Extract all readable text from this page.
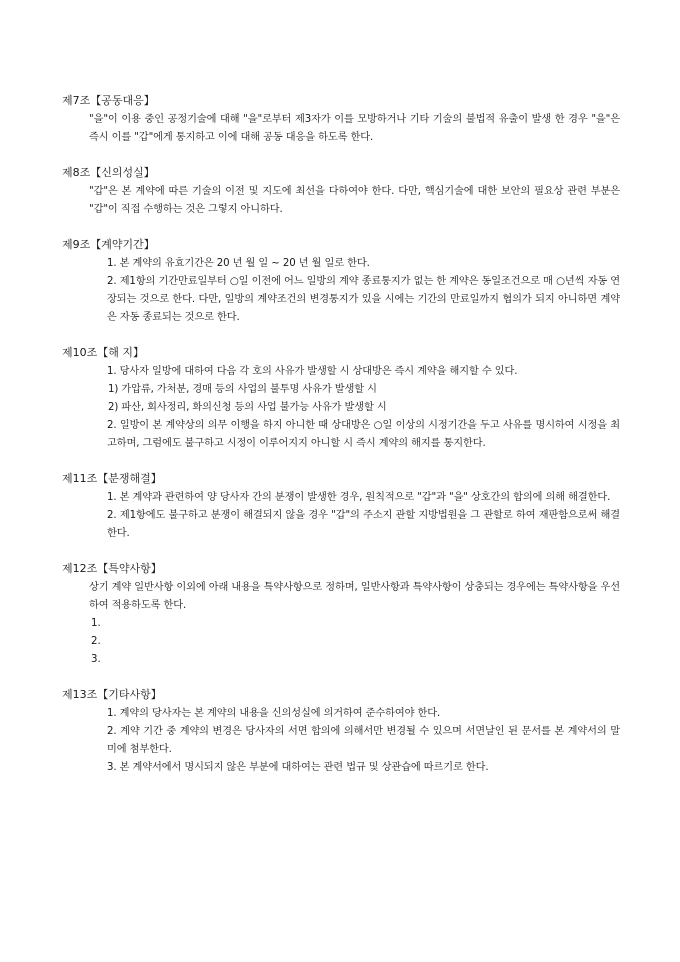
제7조【공동대응】
"을"이 이용 중인 공정기술에 대해 "을"로부터 제3자가 이를 모방하거나 기타 기술의 불법적 유출이 발생 한 경우 "을"은 즉시 이를 "갑"에게 통지하고 이에 대해 공동 대응을 하도록 한다.
제8조【신의성실】
"갑"은 본 계약에 따른 기술의 이전 및 지도에 최선을 다하여야 한다. 다만, 핵심기술에 대한 보안의 필요상 관련 부분은 "갑"이 직접 수행하는 것은 그렇지 아니하다.
제9조【계약기간】
1. 본 계약의 유효기간은 20 년 월 일 ~ 20 년 월 일로 한다.
2. 제1항의 기간만료일부터 ○일 이전에 어느 일방의 계약 종료통지가 없는 한 계약은 동일조건으로 매 ○년씩 자동 연장되는 것으로 한다. 다만, 일방의 계약조건의 변경통지가 있을 시에는 기간의 만료일까지 협의가 되지 아니하면 계약은 자동 종료되는 것으로 한다.
제10조【해 지】
1. 당사자 일방에 대하여 다음 각 호의 사유가 발생할 시 상대방은 즉시 계약을 해지할 수 있다.
1) 가압류, 가처분, 경매 등의 사업의 불투명 사유가 발생할 시
2) 파산, 회사정리, 화의신청 등의 사업 불가능 사유가 발생할 시
2. 일방이 본 계약상의 의무 이행을 하지 아니한 때 상대방은 ○일 이상의 시정기간을 두고 사유를 명시하여 시정을 최고하며, 그럼에도 불구하고 시정이 이루어지지 아니할 시 즉시 계약의 해지를 통지한다.
제11조【분쟁해결】
1. 본 계약과 관련하여 양 당사자 간의 분쟁이 발생한 경우, 원칙적으로 "갑"과 "을" 상호간의 합의에 의해 해결한다.
2. 제1항에도 불구하고 분쟁이 해결되지 않을 경우 "갑"의 주소지 관할 지방법원을 그 관할로 하여 재판함으로써 해결한다.
제12조【특약사항】
상기 계약 일반사항 이외에 아래 내용을 특약사항으로 정하며, 일반사항과 특약사항이 상충되는 경우에는 특약사항을 우선하여 적용하도록 한다.
1.
2.
3.
제13조【기타사항】
1. 계약의 당사자는 본 계약의 내용을 신의성실에 의거하여 준수하여야 한다.
2. 계약 기간 중 계약의 변경은 당사자의 서면 합의에 의해서만 변경될 수 있으며 서면날인 된 문서를 본 계약서의 말미에 첨부한다.
3. 본 계약서에서 명시되지 않은 부분에 대하여는 관련 법규 및 상관습에 따르기로 한다.
